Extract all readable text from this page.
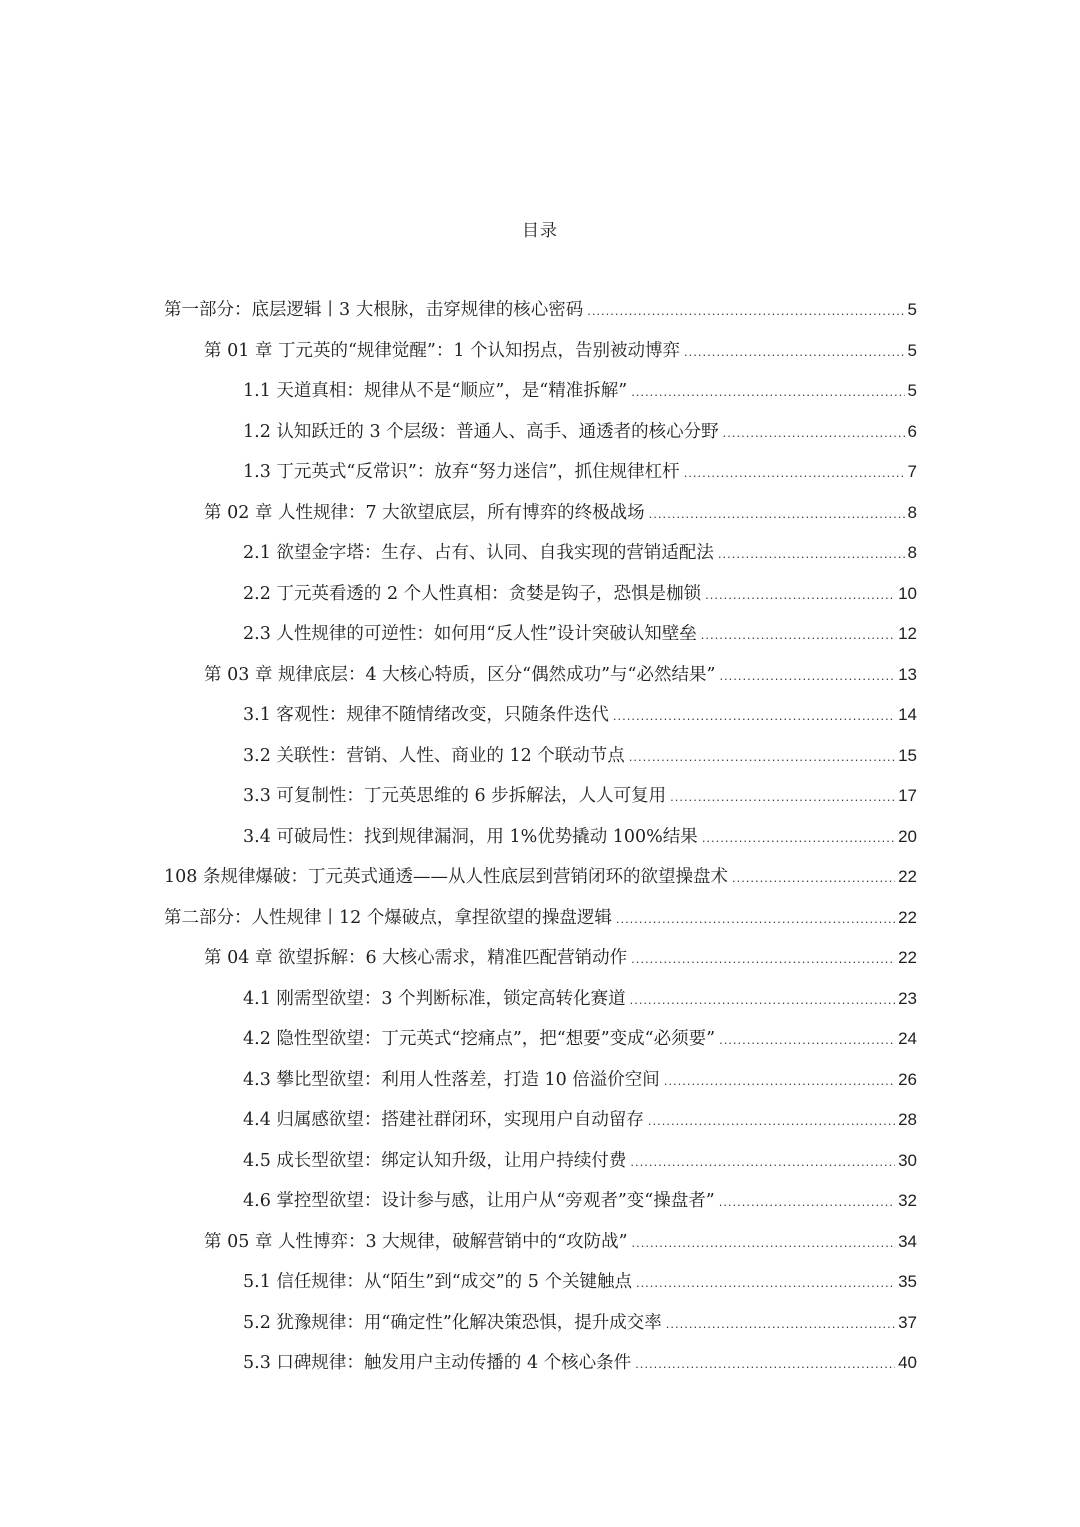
目录
第一部分：底层逻辑丨3 大根脉，击穿规律的核心密码 .....	5
第 01 章 丁元英的“规律觉醒”：1 个认知拐点，告别被动博弈 .....	5
1.1 天道真相：规律从不是“顺应”，是“精准拆解” .....	5
1.2 认知跃迁的 3 个层级：普通人、高手、通透者的核心分野 .....	6
1.3 丁元英式“反常识”：放弃“努力迷信”，抓住规律杠杆 .....	7
第 02 章 人性规律：7 大欲望底层，所有博弈的终极战场 .....	8
2.1 欲望金字塔：生存、占有、认同、自我实现的营销适配法 .....	8
2.2 丁元英看透的 2 个人性真相：贪婪是钩子，恐惧是枷锁 .....	10
2.3 人性规律的可逆性：如何用“反人性”设计突破认知壁垒 .....	12
第 03 章 规律底层：4 大核心特质，区分“偶然成功”与“必然结果” .....	13
3.1 客观性：规律不随情绪改变，只随条件迭代 .....	14
3.2 关联性：营销、人性、商业的 12 个联动节点 .....	15
3.3 可复制性：丁元英思维的 6 步拆解法，人人可复用 .....	17
3.4 可破局性：找到规律漏洞，用 1%优势撬动 100%结果 .....	20
108 条规律爆破：丁元英式通透——从人性底层到营销闭环的欲望操盘术 .....	22
第二部分：人性规律丨12 个爆破点，拿捏欲望的操盘逻辑 .....	22
第 04 章 欲望拆解：6 大核心需求，精准匹配营销动作 .....	22
4.1 刚需型欲望：3 个判断标准，锁定高转化赛道 .....	23
4.2 隐性型欲望：丁元英式“挖痛点”，把“想要”变成“必须要” .....	24
4.3 攀比型欲望：利用人性落差，打造 10 倍溢价空间 .....	26
4.4 归属感欲望：搭建社群闭环，实现用户自动留存 .....	28
4.5 成长型欲望：绑定认知升级，让用户持续付费 .....	30
4.6 掌控型欲望：设计参与感，让用户从“旁观者”变“操盘者” .....	32
第 05 章 人性博弈：3 大规律，破解营销中的“攻防战” .....	34
5.1 信任规律：从“陌生”到“成交”的 5 个关键触点 .....	35
5.2 犹豫规律：用“确定性”化解决策恐惧，提升成交率 .....	37
5.3 口碑规律：触发用户主动传播的 4 个核心条件 .....	40
